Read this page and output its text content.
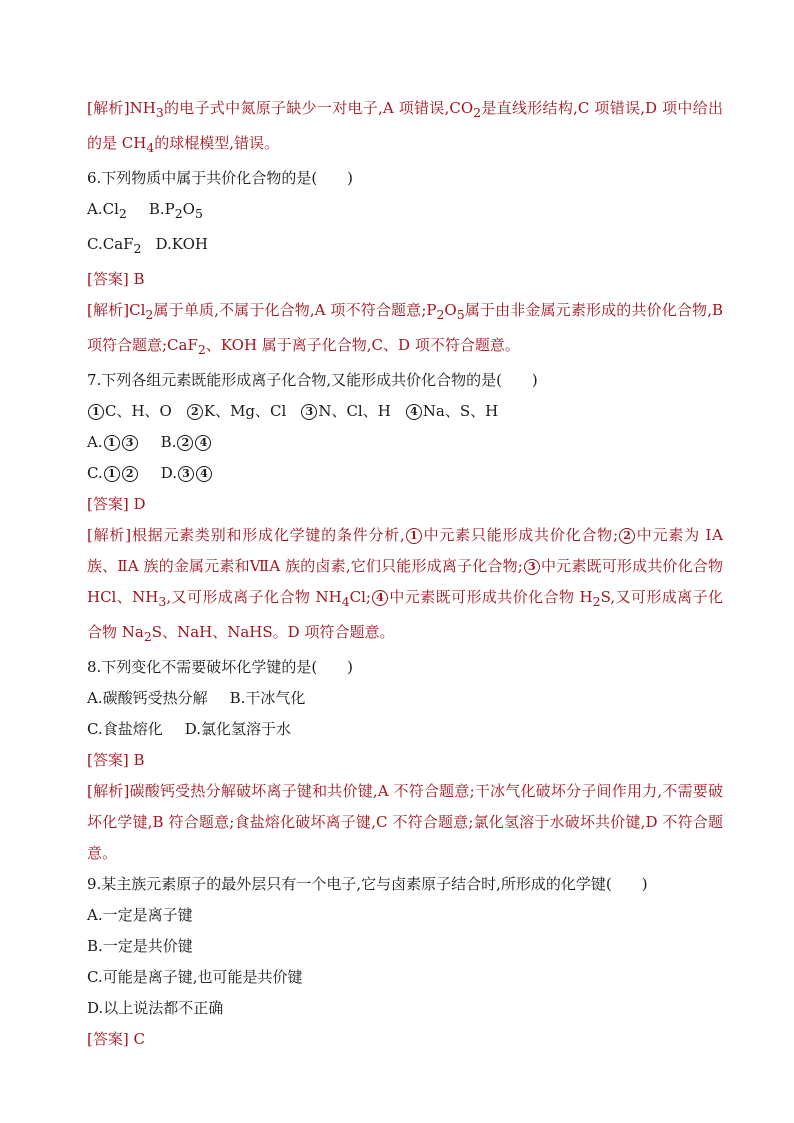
[解析]$NH_3$的电子式中氮原子缺少一对电子,A 项错误$,CO_2$是直线形结构,C 项错误,D 项中给出的是 $CH_4$的球棍模型,错误。
6.下列物质中属于共价化合物的是(　　)
$A.Cl_2$ $B.P_2O_5$
C.CaF$_2$ D.KOH
[答案] B
[解析]$Cl_2$属于单质,不属于化合物,A 项不符合题意$;P_2O_5$属于由非金属元素形成的共价化合物,B 项符合题意;CaF$_2$、KOH 属于离子化合物,C、D 项不符合题意。
7.下列各组元素既能形成离子化合物,又能形成共价化合物的是(　　)
1 C、H、O 2 K、Mg、Cl 3 N、Cl、H 4 Na、S、H
A. 1 3 B. 2 4
C. 1 2 D. 3 4
[答案] D
[解析]根据元素类别和形成化学键的条件分析, 1 中元素只能形成共价化合物; 2 中元素为 ⅠA 族、ⅡA 族的金属元素和ⅦA 族的卤素,它们只能形成离子化合物; 3 中元素既可形成共价化合物 HCl、$NH_3$,又可形成离子化合物 $NH_4Cl$; 4 中元素既可形成共价化合物 $H_2S$,又可形成离子化合物 $Na_2S$、NaH、NaHS。D 项符合题意。
8.下列变化不需要破坏化学键的是(　　)
A.碳酸钙受热分解 B.干冰气化
C.食盐熔化 D.氯化氢溶于水
[答案] B
[解析]碳酸钙受热分解破坏离子键和共价键,A 不符合题意;干冰气化破坏分子间作用力,不需要破坏化学键,B 符合题意;食盐熔化破坏离子键,C 不符合题意;氯化氢溶于水破坏共价键,D 不符合题意。
9.某主族元素原子的最外层只有一个电子,它与卤素原子结合时,所形成的化学键(　　)
A.一定是离子键
B.一定是共价键
C.可能是离子键,也可能是共价键
D.以上说法都不正确
[答案] C
